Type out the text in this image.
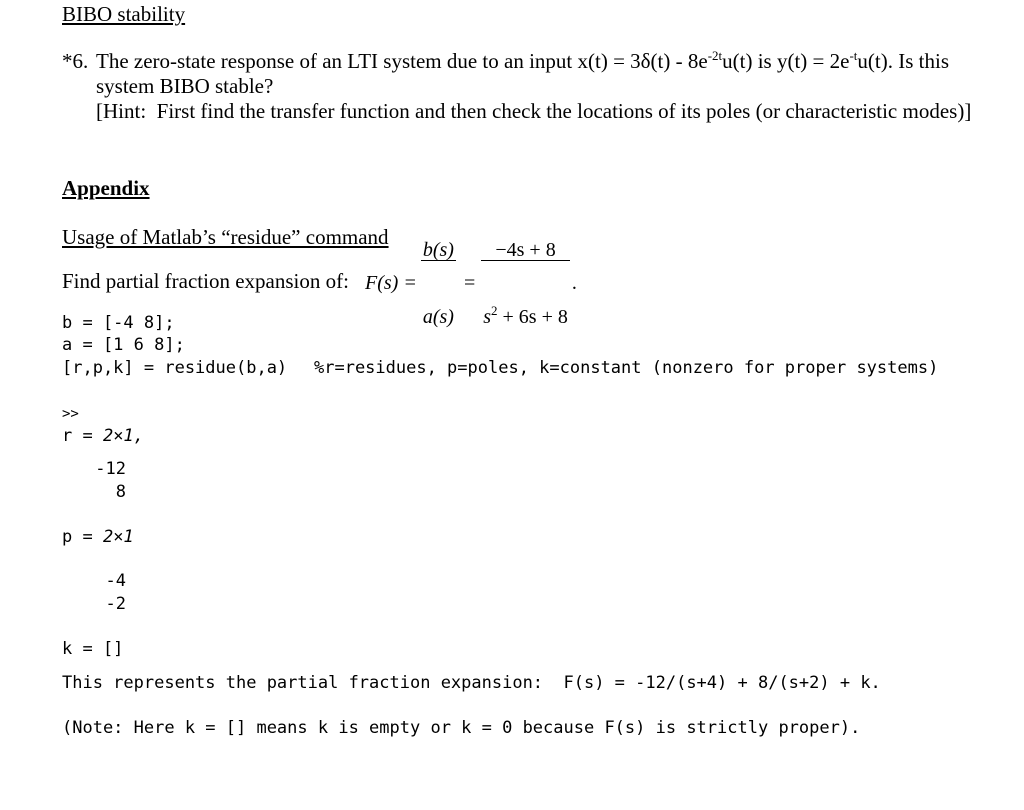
BIBO stability
*6. The zero-state response of an LTI system due to an input $x(t) = 3\delta(t) - 8e^{-2t}u(t)$ is $y(t) = 2e^{-t}u(t)$. Is this
system BIBO stable?
[Hint:  First find the transfer function and then check the locations of its poles (or characteristic modes)]
Appendix
Usage of Matlab’s “residue” command
Find partial fraction expansion of: F(s) =

$\frac{b(s)}{a(s)}$

=

$\frac{-4s + 8}{s^2 + 6s + 8}$

.
b = [-4 8];
a = [1 6 8];
[r,p,k] = residue(b,a) %r=residues, p=poles, k=constant (nonzero for proper systems)
>>
r = 2×1,
-12
8
p = 2×1
-4
-2
k = []
This represents the partial fraction expansion:  F(s) = -12/(s+4) + 8/(s+2) + k.
(Note: Here k = [] means k is empty or k = 0 because F(s) is strictly proper).
